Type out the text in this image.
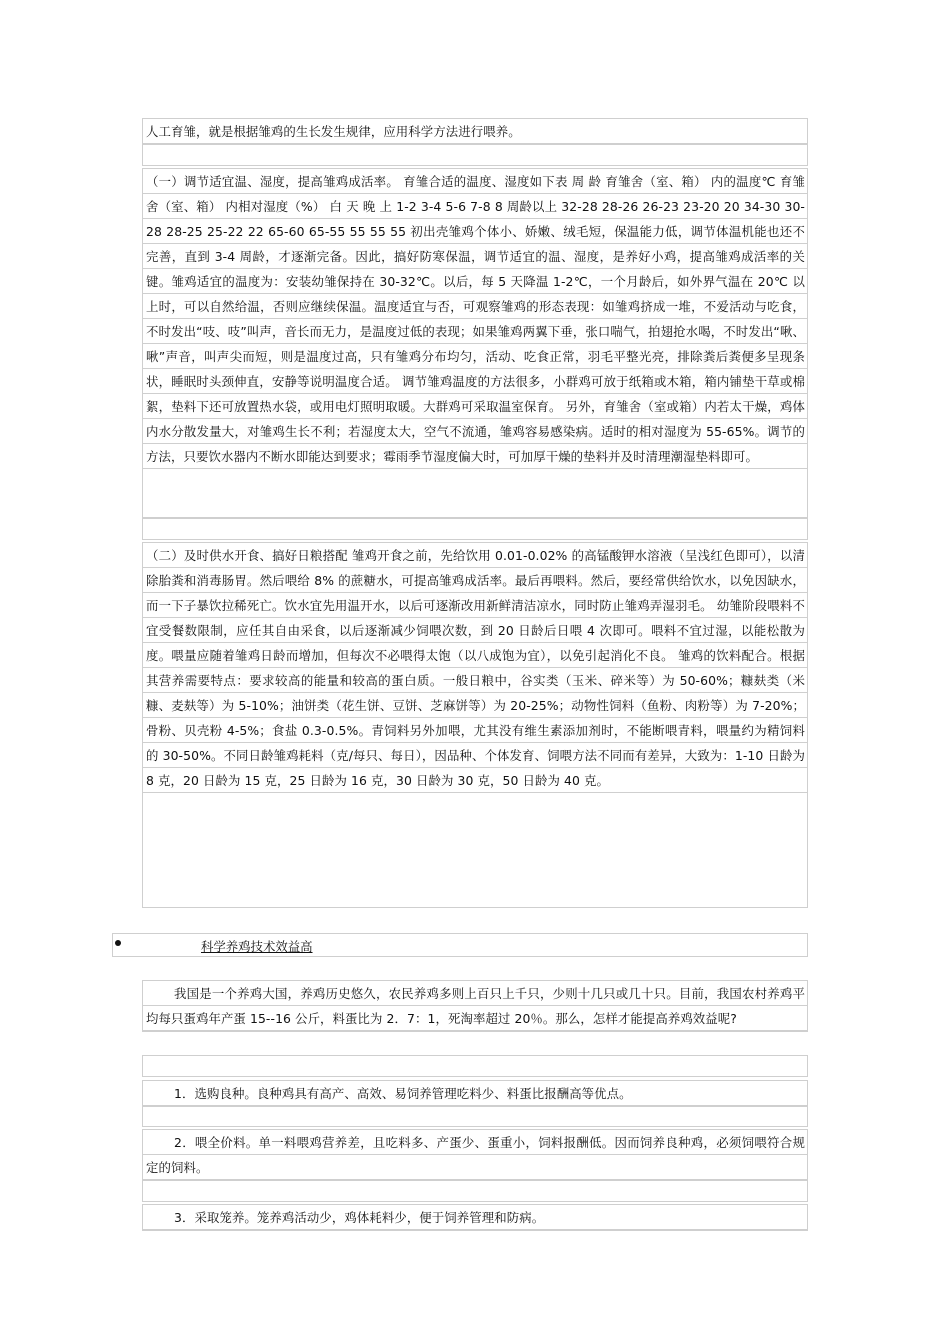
人工育雏，就是根据雏鸡的生长发生规律，应用科学方法进行喂养。

（一）调节适宜温、湿度，提高雏鸡成活率。 育雏合适的温度、湿度如下表 周 龄 育雏舍（室、箱） 内的温度℃ 育雏舍（室、箱） 内相对湿度（%） 白 天 晚 上 1-2 3-4 5-6 7-8 8 周龄以上 32-28 28-26 26-23 23-20 20 34-30 30-28 28-25 25-22 22 65-60 65-55 55 55 55 初出壳雏鸡个体小、娇嫩、绒毛短，保温能力低，调节体温机能也还不完善，直到 3-4 周龄，才逐渐完备。因此，搞好防寒保温，调节适宜的温、湿度，是养好小鸡，提高雏鸡成活率的关键。雏鸡适宜的温度为：安装幼雏保持在 30-32℃。以后，每 5 天降温 1-2℃，一个月龄后，如外界气温在 20℃ 以上时，可以自然给温，否则应继续保温。温度适宜与否，可观察雏鸡的形态表现：如雏鸡挤成一堆，不爱活动与吃食，不时发出“吱、吱”叫声，音长而无力，是温度过低的表现；如果雏鸡两翼下垂，张口喘气，拍翅抢水喝，不时发出“啾、啾”声音，叫声尖而短，则是温度过高，只有雏鸡分布均匀，活动、吃食正常，羽毛平整光亮，排除粪后粪便多呈现条状，睡眠时头颈伸直，安静等说明温度合适。 调节雏鸡温度的方法很多，小群鸡可放于纸箱或木箱，箱内铺垫干草或棉絮，垫料下还可放置热水袋，或用电灯照明取暖。大群鸡可采取温室保育。 另外，育雏舍（室或箱）内若太干燥，鸡体内水分散发量大，对雏鸡生长不利；若湿度太大，空气不流通，雏鸡容易感染病。适时的相对湿度为 55-65%。调节的方法，只要饮水器内不断水即能达到要求；霉雨季节湿度偏大时，可加厚干燥的垫料并及时清理潮湿垫料即可。

（二）及时供水开食、搞好日粮搭配 雏鸡开食之前，先给饮用 0.01-0.02% 的高锰酸钾水溶液（呈浅红色即可），以清除胎粪和消毒肠胃。然后喂给 8% 的蔗糖水，可提高雏鸡成活率。最后再喂料。然后，要经常供给饮水，以免因缺水，而一下子暴饮拉稀死亡。饮水宜先用温开水，以后可逐渐改用新鲜清洁凉水，同时防止雏鸡弄湿羽毛。 幼雏阶段喂料不宜受餐数限制，应任其自由采食，以后逐渐减少饲喂次数，到 20 日龄后日喂 4 次即可。喂料不宜过湿，以能松散为度。喂量应随着雏鸡日龄而增加，但每次不必喂得太饱（以八成饱为宜），以免引起消化不良。 雏鸡的饮料配合。根据其营养需要特点：要求较高的能量和较高的蛋白质。一般日粮中，谷实类（玉米、碎米等）为 50-60%；糠麸类（米糠、麦麸等）为 5-10%；油饼类（花生饼、豆饼、芝麻饼等）为 20-25%；动物性饲料（鱼粉、肉粉等）为 7-20%；骨粉、贝壳粉 4-5%；食盐 0.3-0.5%。青饲料另外加喂，尤其没有维生素添加剂时，不能断喂青料，喂量约为精饲料的 30-50%。不同日龄雏鸡耗料（克/每只、每日），因品种、个体发育、饲喂方法不同而有差异，大致为：1-10 日龄为 8 克，20 日龄为 15 克，25 日龄为 16 克，30 日龄为 30 克，50 日龄为 40 克。

科学养鸡技术效益高

我国是一个养鸡大国，养鸡历史悠久，农民养鸡多则上百只上千只，少则十几只或几十只。目前，我国农村养鸡平均每只蛋鸡年产蛋 15--16 公斤，料蛋比为 2．7：1，死淘率超过 20％。那么，怎样才能提高养鸡效益呢?

1．选购良种。良种鸡具有高产、高效、易饲养管理吃料少、料蛋比报酬高等优点。

2．喂全价料。单一料喂鸡营养差，且吃料多、产蛋少、蛋重小，饲料报酬低。因而饲养良种鸡，必须饲喂符合规定的饲料。

3．采取笼养。笼养鸡活动少，鸡体耗料少，便于饲养管理和防病。
